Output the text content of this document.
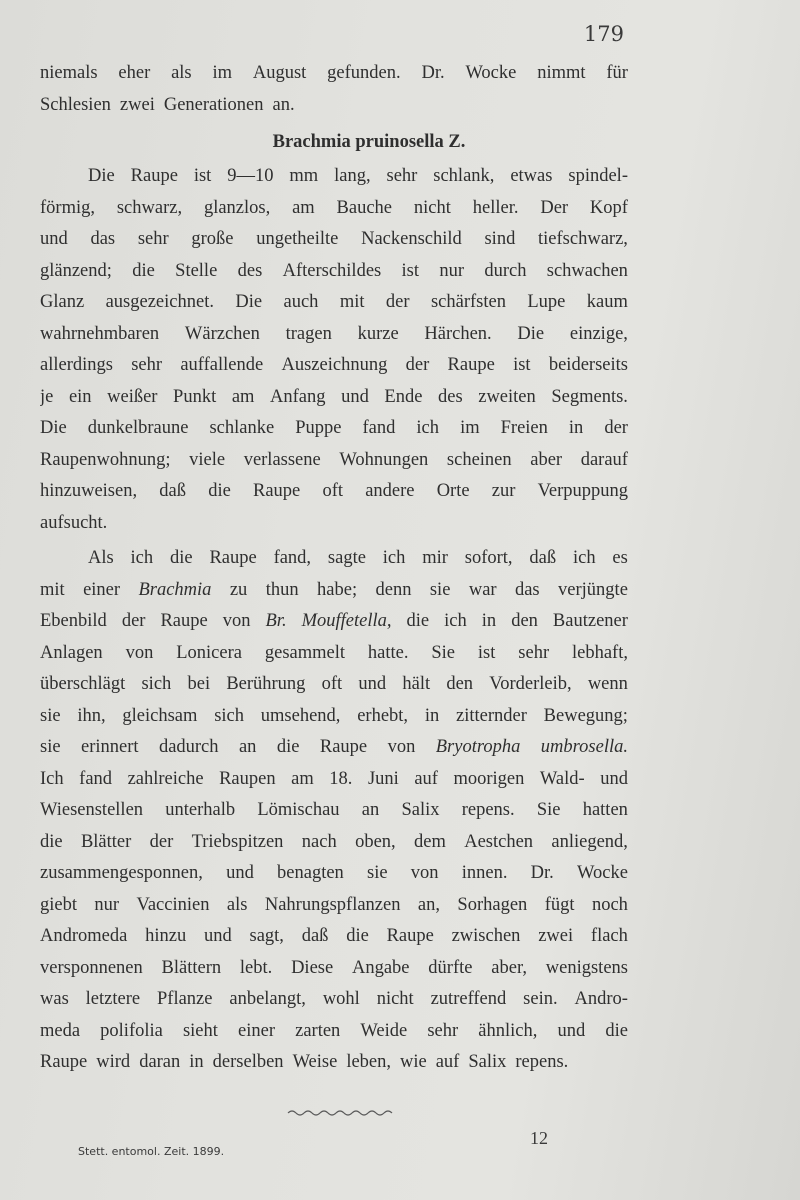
179
niemals eher als im August gefunden. Dr. Wocke nimmt für
Schlesien zwei Generationen an.
Brachmia pruinosella Z.
Die Raupe ist 9—10 mm lang, sehr schlank, etwas spindel-
förmig, schwarz, glanzlos, am Bauche nicht heller. Der Kopf
und das sehr große ungetheilte Nackenschild sind tiefschwarz,
glänzend; die Stelle des Afterschildes ist nur durch schwachen
Glanz ausgezeichnet. Die auch mit der schärfsten Lupe kaum
wahrnehmbaren Wärzchen tragen kurze Härchen. Die einzige,
allerdings sehr auffallende Auszeichnung der Raupe ist beiderseits
je ein weißer Punkt am Anfang und Ende des zweiten Segments.
Die dunkelbraune schlanke Puppe fand ich im Freien in der
Raupenwohnung; viele verlassene Wohnungen scheinen aber darauf
hinzuweisen, daß die Raupe oft andere Orte zur Verpuppung
aufsucht.
Als ich die Raupe fand, sagte ich mir sofort, daß ich es
mit einer Brachmia zu thun habe; denn sie war das verjüngte
Ebenbild der Raupe von Br. Mouffetella, die ich in den Bautzener
Anlagen von Lonicera gesammelt hatte. Sie ist sehr lebhaft,
überschlägt sich bei Berührung oft und hält den Vorderleib, wenn
sie ihn, gleichsam sich umsehend, erhebt, in zitternder Bewegung;
sie erinnert dadurch an die Raupe von Bryotropha umbrosella.
Ich fand zahlreiche Raupen am 18. Juni auf moorigen Wald- und
Wiesenstellen unterhalb Lömischau an Salix repens. Sie hatten
die Blätter der Triebspitzen nach oben, dem Aestchen anliegend,
zusammengesponnen, und benagten sie von innen. Dr. Wocke
giebt nur Vaccinien als Nahrungspflanzen an, Sorhagen fügt noch
Andromeda hinzu und sagt, daß die Raupe zwischen zwei flach
versponnenen Blättern lebt. Diese Angabe dürfte aber, wenigstens
was letztere Pflanze anbelangt, wohl nicht zutreffend sein. Andro-
meda polifolia sieht einer zarten Weide sehr ähnlich, und die
Raupe wird daran in derselben Weise leben, wie auf Salix repens.
Stett. entomol. Zeit. 1899.
12
